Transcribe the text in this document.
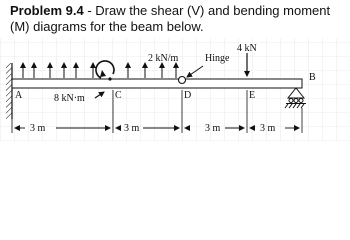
Problem 9.4 - Draw the shear (V) and bending moment (M) diagrams for the beam below.
2 kN/m
8 kN·m
Hinge
4 kN
A	C	D	E
B
3 m	3 m	3 m	3 m
